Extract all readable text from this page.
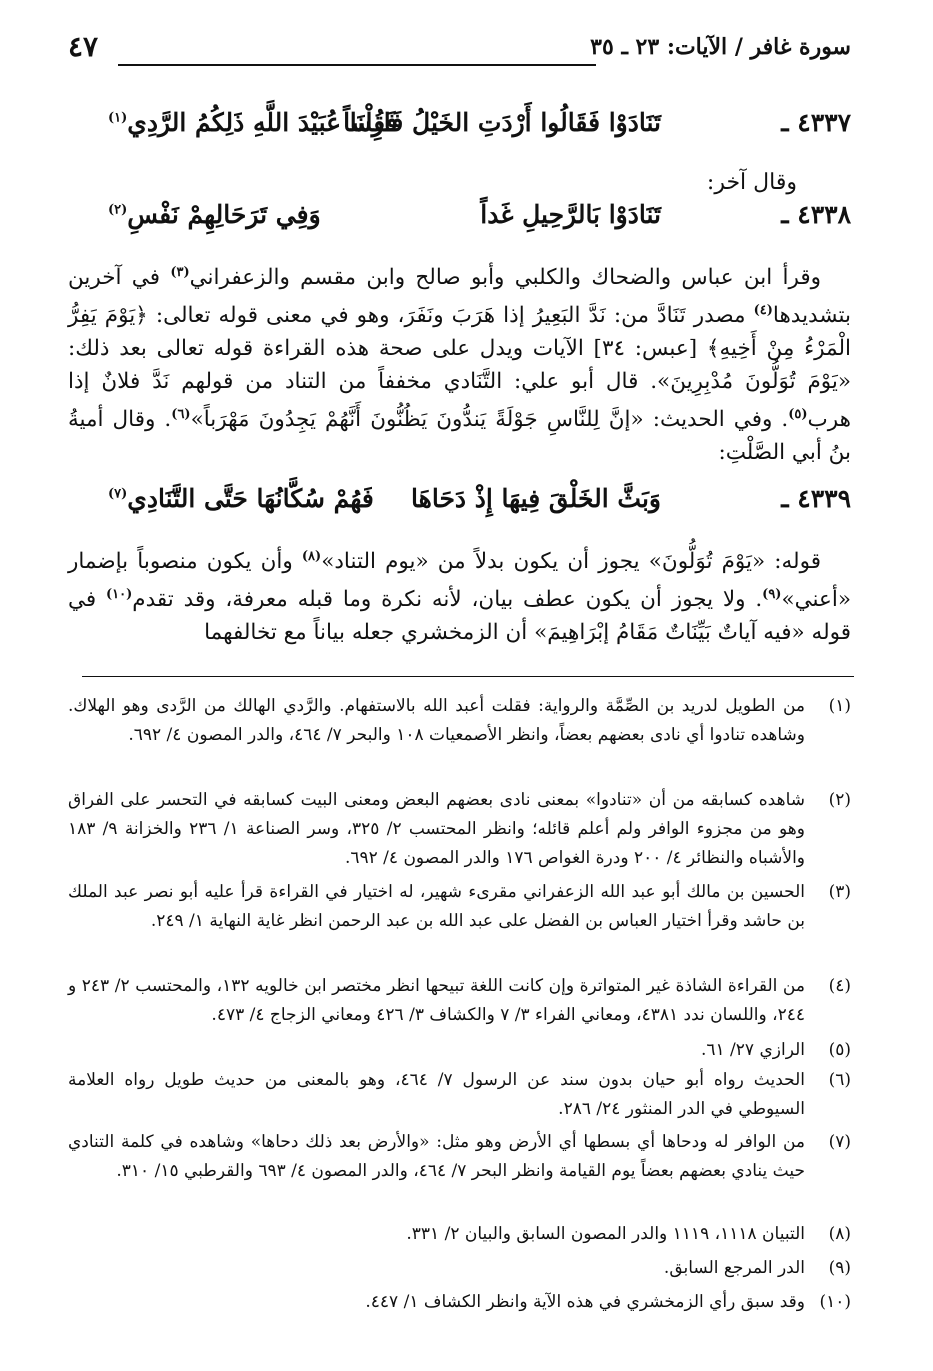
سورة غافر / الآيات: ٢٣ ـ ٣٥
٤٧
٤٣٣٧ ـ
تَنَادَوْا فَقَالُوا أَرْدَتِ الخَيْلُ فَارِساً
فَقُلْنَا عُبَيْدَ اللَّهِ ذَلِكُمُ الرَّدِي$^{(١)}$
وقال آخر:
٤٣٣٨ ـ
تَنَادَوْا بَالرَّحِيلِ غَداً
وَفِي تَرَحَالِهِمْ نَفْسِ$^{(٢)}$
وقرأ ابن عباس والضحاك والكلبي وأبو صالح وابن مقسم والزعفراني$^{(٣)}$ في آخرين بتشديدها$^{(٤)}$ مصدر تَنَادَّ من: نَدَّ البَعِيرُ إذا هَرَبَ ونَفَرَ، وهو في معنى قوله تعالى: ﴿يَوْمَ يَفِرُّ الْمَرْءُ مِنْ أَخِيهِ﴾ [عبس: ٣٤] الآيات ويدل على صحة هذه القراءة قوله تعالى بعد ذلك: «يَوْمَ تُوَلُّونَ مُدْبِرِينَ». قال أبو علي: التَّنَادي مخففاً من التناد من قولهم نَدَّ فلانٌ إذا هرب$^{(٥)}$. وفي الحديث: «إنَّ لِلنَّاسِ جَوْلَةً يَندُّونَ يَظُنُّونَ أَنَّهُمْ يَجِدُونَ مَهْرَباً»$^{(٦)}$. وقال أميةُ بنُ أبي الصَّلْتِ:
٤٣٣٩ ـ
وَبَثَّ الخَلْقَ فِيهَا إِذْ دَحَاهَا
فَهُمْ سُكَّانُهَا حَتَّى التَّنَادِي$^{(٧)}$
قوله: «يَوْمَ تُوَلُّونَ» يجوز أن يكون بدلاً من «يوم التناد»$^{(٨)}$ وأن يكون منصوباً بإضمار «أعني»$^{(٩)}$. ولا يجوز أن يكون عطف بيان، لأنه نكرة وما قبله معرفة، وقد تقدم$^{(١٠)}$ في قوله «فيه آياتٌ بَيِّنَاتٌ مَقَامُ إبْرَاهِيمَ» أن الزمخشري جعله بياناً مع تخالفهما
(١)
من الطويل لدريد بن الصِّمَّة والرواية: فقلت أعبد الله بالاستفهام. والرَّدي الهالك من الرَّدى وهو الهلاك. وشاهده تنادوا أي نادى بعضهم بعضاً، وانظر الأصمعيات ١٠٨ والبحر ٧/ ٤٦٤، والدر المصون ٤/ ٦٩٢.
(٢)
شاهده كسابقه من أن «تنادوا» بمعنى نادى بعضهم البعض ومعنى البيت كسابقه في التحسر على الفراق وهو من مجزوء الوافر ولم أعلم قائله؛ وانظر المحتسب ٢/ ٣٢٥، وسر الصناعة ١/ ٢٣٦ والخزانة ٩/ ١٨٣ والأشباه والنظائر ٤/ ٢٠٠ ودرة الغواص ١٧٦ والدر المصون ٤/ ٦٩٢.
(٣)
الحسين بن مالك أبو عبد الله الزعفراني مقرىء شهير، له اختيار في القراءة قرأ عليه أبو نصر عبد الملك بن حاشد وقرأ اختيار العباس بن الفضل على عبد الله بن عبد الرحمن انظر غاية النهاية ١/ ٢٤٩.
(٤)
من القراءة الشاذة غير المتواترة وإن كانت اللغة تبيحها انظر مختصر ابن خالويه ١٣٢، والمحتسب ٢/ ٢٤٣ و ٢٤٤، واللسان ندد ٤٣٨١، ومعاني الفراء ٣/ ٧ والكشاف ٣/ ٤٢٦ ومعاني الزجاج ٤/ ٤٧٣.
(٥)
الرازي ٢٧/ ٦١.
(٦)
الحديث رواه أبو حيان بدون سند عن الرسول ٧/ ٤٦٤، وهو بالمعنى من حديث طويل رواه العلامة السيوطي في الدر المنثور ٢٤/ ٢٨٦.
(٧)
من الوافر له ودحاها أي بسطها أي الأرض وهو مثل: «والأرض بعد ذلك دحاها» وشاهده في كلمة التنادي حيث ينادي بعضهم بعضاً يوم القيامة وانظر البحر ٧/ ٤٦٤، والدر المصون ٤/ ٦٩٣ والقرطبي ١٥/ ٣١٠.
(٨)
التبيان ١١١٨، ١١١٩ والدر المصون السابق والبيان ٢/ ٣٣١.
(٩)
الدر المرجع السابق.
(١٠)
وقد سبق رأي الزمخشري في هذه الآية وانظر الكشاف ١/ ٤٤٧.
